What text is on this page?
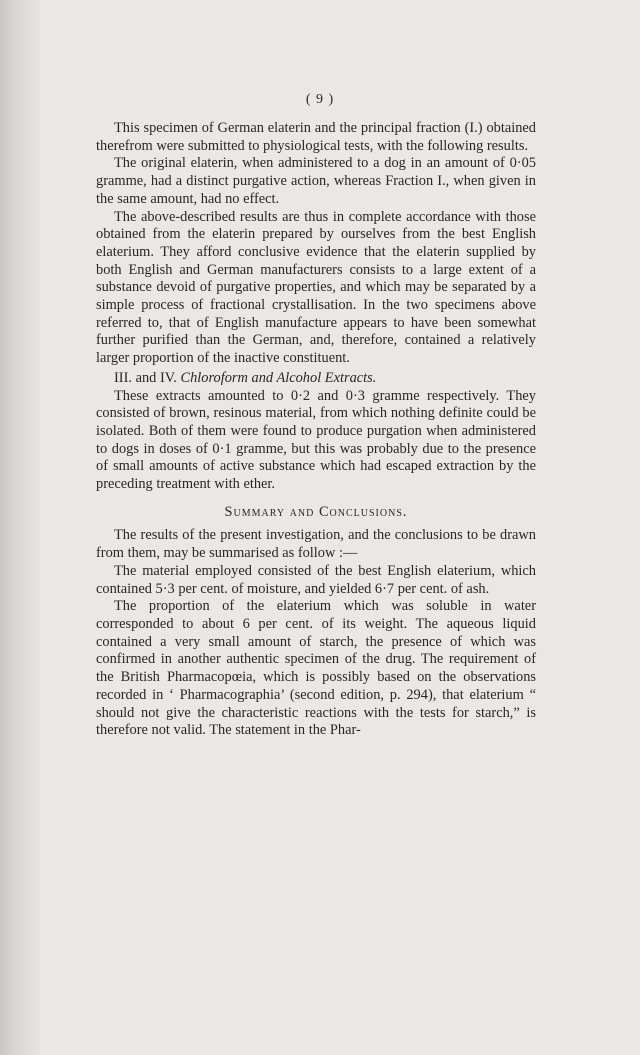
( 9 )

This specimen of German elaterin and the principal fraction (I.) obtained therefrom were submitted to physiological tests, with the following results.

The original elaterin, when administered to a dog in an amount of 0·05 gramme, had a distinct purgative action, whereas Fraction I., when given in the same amount, had no effect.

The above-described results are thus in complete accordance with those obtained from the elaterin prepared by ourselves from the best English elaterium. They afford conclusive evidence that the elaterin supplied by both English and German manufacturers consists to a large extent of a substance devoid of purgative properties, and which may be separated by a simple process of fractional crystallisation. In the two specimens above referred to, that of English manufacture appears to have been somewhat further purified than the German, and, therefore, contained a relatively larger proportion of the inactive constituent.

III. and IV. Chloroform and Alcohol Extracts.

These extracts amounted to 0·2 and 0·3 gramme respectively. They consisted of brown, resinous material, from which nothing definite could be isolated. Both of them were found to produce purgation when administered to dogs in doses of 0·1 gramme, but this was probably due to the presence of small amounts of active substance which had escaped extraction by the preceding treatment with ether.

Summary and Conclusions.

The results of the present investigation, and the conclusions to be drawn from them, may be summarised as follow :—

The material employed consisted of the best English elaterium, which contained 5·3 per cent. of moisture, and yielded 6·7 per cent. of ash.

The proportion of the elaterium which was soluble in water corresponded to about 6 per cent. of its weight. The aqueous liquid contained a very small amount of starch, the presence of which was confirmed in another authentic specimen of the drug. The requirement of the British Pharmacopœia, which is possibly based on the observations recorded in ‘ Pharmacographia’ (second edition, p. 294), that elaterium “ should not give the characteristic reactions with the tests for starch,” is therefore not valid. The statement in the Phar-
